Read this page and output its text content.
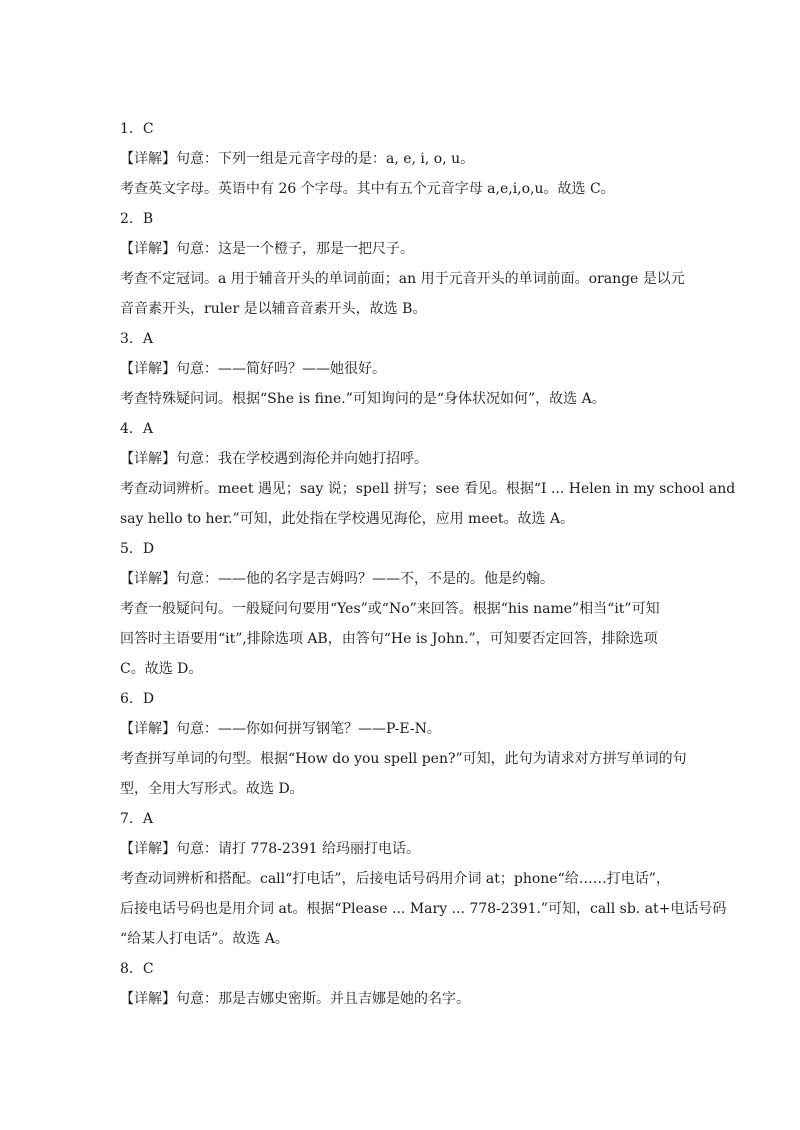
1．C
【详解】句意：下列一组是元音字母的是：a, e, i, o, u。
考查英文字母。英语中有 26 个字母。其中有五个元音字母 a,e,i,o,u。故选 C。
2．B
【详解】句意：这是一个橙子，那是一把尺子。
考查不定冠词。a 用于辅音开头的单词前面；an 用于元音开头的单词前面。orange 是以元
音音素开头，ruler 是以辅音音素开头，故选 B。
3．A
【详解】句意：——简好吗？——她很好。
考查特殊疑问词。根据“She is fine.”可知询问的是“身体状况如何”，故选 A。
4．A
【详解】句意：我在学校遇到海伦并向她打招呼。
考查动词辨析。meet 遇见；say 说；spell 拼写；see 看见。根据“I ... Helen in my school and
say hello to her.”可知，此处指在学校遇见海伦，应用 meet。故选 A。
5．D
【详解】句意：——他的名字是吉姆吗？——不，不是的。他是约翰。
考查一般疑问句。一般疑问句要用“Yes”或“No”来回答。根据“his name”相当“it”可知
回答时主语要用“it”,排除选项 AB，由答句“He is John.”，可知要否定回答，排除选项
C。故选 D。
6．D
【详解】句意：——你如何拼写钢笔？——P-E-N。
考查拼写单词的句型。根据“How do you spell pen?”可知，此句为请求对方拼写单词的句
型，全用大写形式。故选 D。
7．A
【详解】句意：请打 778-2391 给玛丽打电话。
考查动词辨析和搭配。call“打电话”，后接电话号码用介词 at；phone“给……打电话”，
后接电话号码也是用介词 at。根据“Please ... Mary ... 778-2391.”可知，call sb. at+电话号码
“给某人打电话”。故选 A。
8．C
【详解】句意：那是吉娜史密斯。并且吉娜是她的名字。
